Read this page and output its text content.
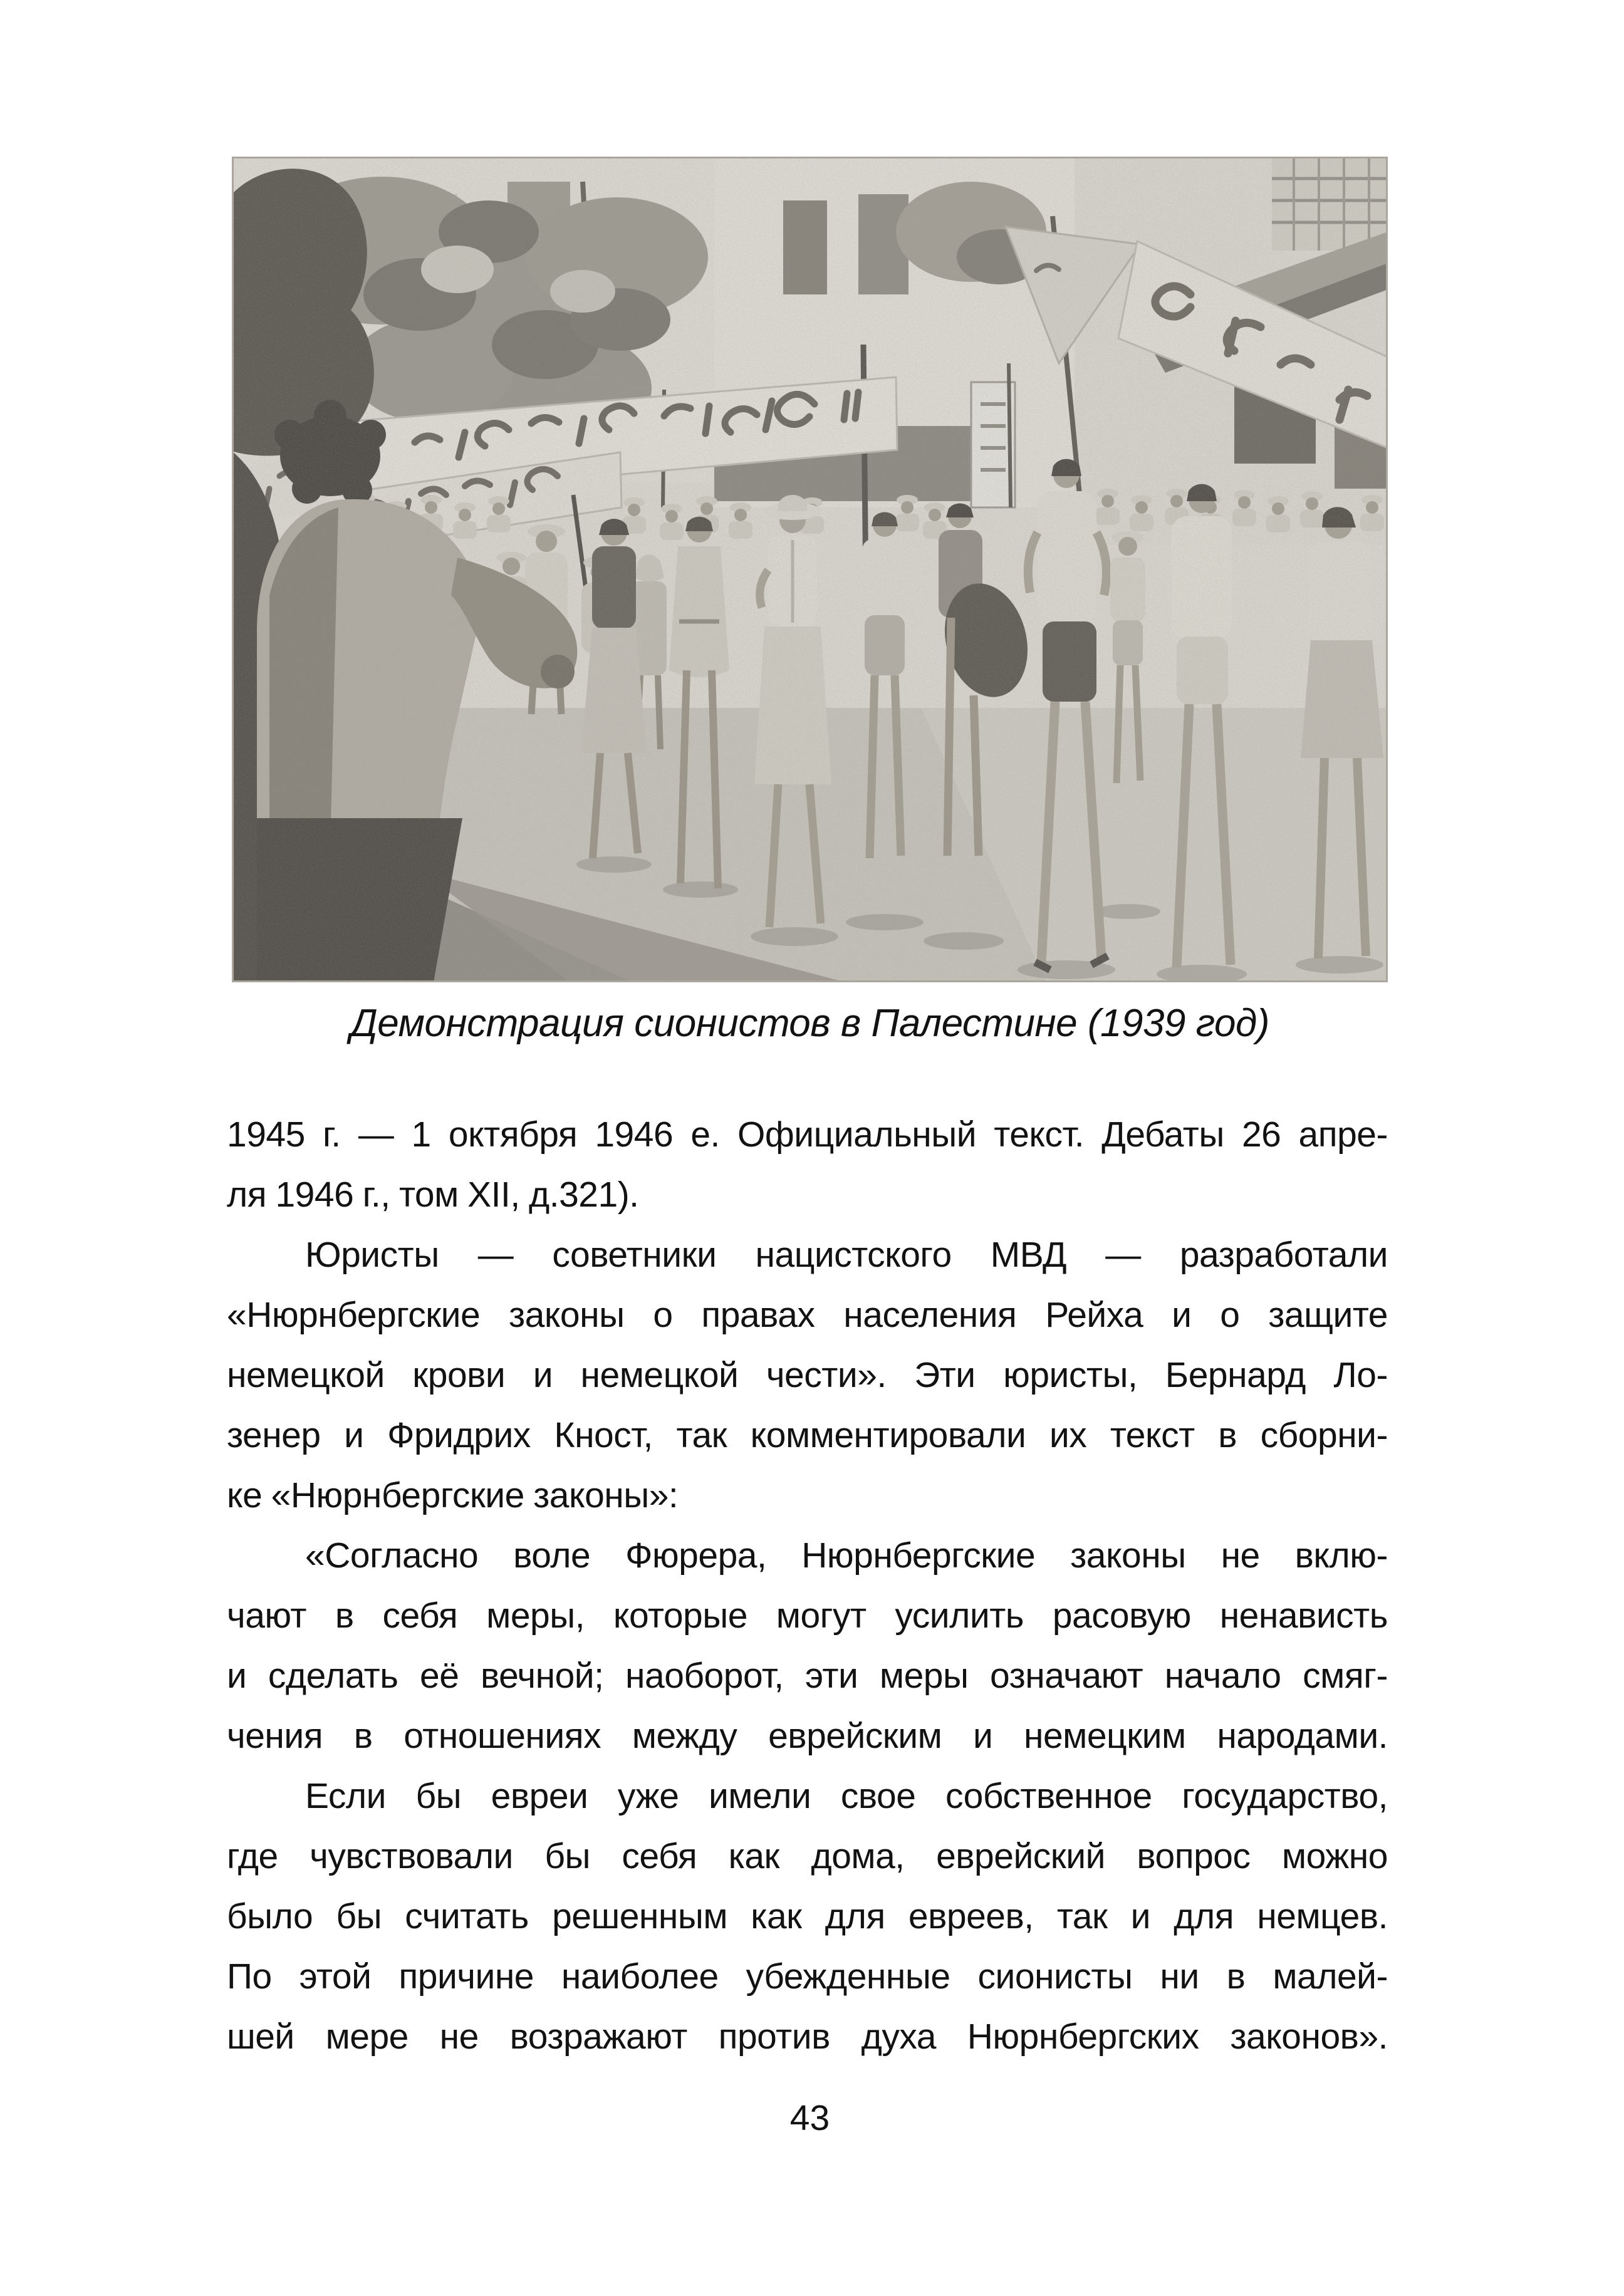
Демонстрация сионистов в Палестине (1939 год)
1945 г. — 1 октября 1946 е. Официальный текст. Дебаты 26 апре-
ля 1946 г., том XII, д.321).
Юристы — советники нацистского МВД — разработали
«Нюрнбергские законы о правах населения Рейха и о защите
немецкой крови и немецкой чести». Эти юристы, Бернард Ло-
зенер и Фридрих Кност, так комментировали их текст в сборни-
ке «Нюрнбергские законы»:
«Согласно воле Фюрера, Нюрнбергские законы не вклю-
чают в себя меры, которые могут усилить расовую ненависть
и сделать её вечной; наоборот, эти меры означают начало смяг-
чения в отношениях между еврейским и немецким народами.
Если бы евреи уже имели свое собственное государство,
где чувствовали бы себя как дома, еврейский вопрос можно
было бы считать решенным как для евреев, так и для немцев.
По этой причине наиболее убежденные сионисты ни в малей-
шей мере не возражают против духа Нюрнбергских законов».
43
